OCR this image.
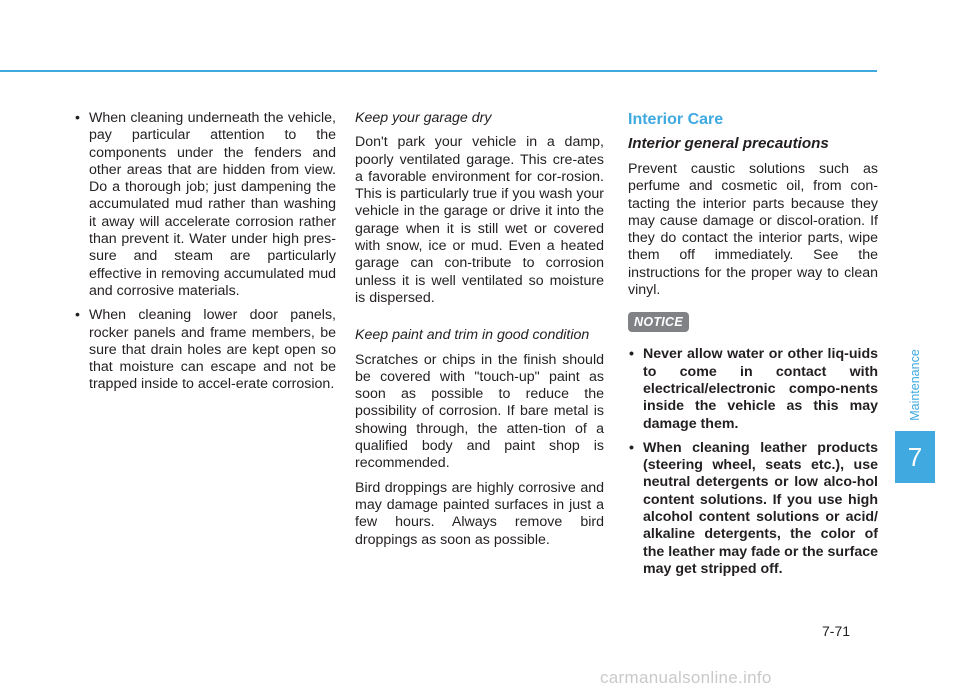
• When cleaning underneath the vehicle, pay particular attention to the components under the fenders and other areas that are hidden from view. Do a thorough job; just dampening the accumulated mud rather than washing it away will accelerate corrosion rather than prevent it. Water under high pres-sure and steam are particularly effective in removing accumulated mud and corrosive materials.
• When cleaning lower door panels, rocker panels and frame members, be sure that drain holes are kept open so that moisture can escape and not be trapped inside to accel-erate corrosion.
Keep your garage dry

Don't park your vehicle in a damp, poorly ventilated garage. This cre-ates a favorable environment for cor-rosion. This is particularly true if you wash your vehicle in the garage or drive it into the garage when it is still wet or covered with snow, ice or mud. Even a heated garage can con-tribute to corrosion unless it is well ventilated so moisture is dispersed.

Keep paint and trim in good condition

Scratches or chips in the finish should be covered with "touch-up" paint as soon as possible to reduce the possibility of corrosion. If bare metal is showing through, the atten-tion of a qualified body and paint shop is recommended.

Bird droppings are highly corrosive and may damage painted surfaces in just a few hours. Always remove bird droppings as soon as possible.

Interior Care
Interior general precautions

Prevent caustic solutions such as perfume and cosmetic oil, from con-tacting the interior parts because they may cause damage or discol-oration. If they do contact the interior parts, wipe them off immediately. See the instructions for the proper way to clean vinyl.

NOTICE
• Never allow water or other liq-uids to come in contact with electrical/electronic compo-nents inside the vehicle as this may damage them.
• When cleaning leather products (steering wheel, seats etc.), use neutral detergents or low alco-hol content solutions. If you use high alcohol content solutions or acid/ alkaline detergents, the color of the leather may fade or the surface may get stripped off.
Maintenance
7
7-71
carmanualsonline.info
